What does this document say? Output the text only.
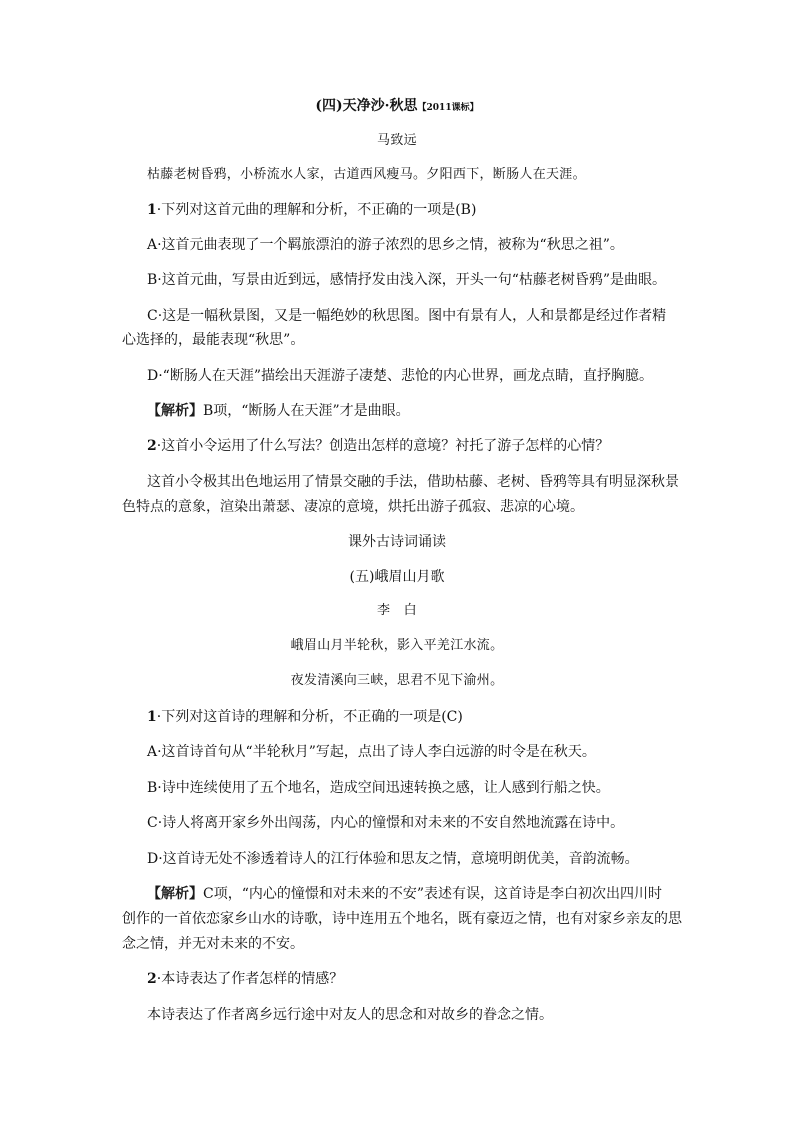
(四)天净沙·秋思【2011课标】
马致远
枯藤老树昏鸦，小桥流水人家，古道西风瘦马。夕阳西下，断肠人在天涯。
1·下列对这首元曲的理解和分析，不正确的一项是(B)
A·这首元曲表现了一个羁旅漂泊的游子浓烈的思乡之情，被称为“秋思之祖”。
B·这首元曲，写景由近到远，感情抒发由浅入深，开头一句“枯藤老树昏鸦”是曲眼。
C·这是一幅秋景图，又是一幅绝妙的秋思图。图中有景有人，人和景都是经过作者精
心选择的，最能表现“秋思”。
D·“断肠人在天涯”描绘出天涯游子凄楚、悲怆的内心世界，画龙点睛，直抒胸臆。
【解析】B项，“断肠人在天涯”才是曲眼。
2·这首小令运用了什么写法？创造出怎样的意境？衬托了游子怎样的心情？
这首小令极其出色地运用了情景交融的手法，借助枯藤、老树、昏鸦等具有明显深秋景
色特点的意象，渲染出萧瑟、凄凉的意境，烘托出游子孤寂、悲凉的心境。
课外古诗词诵读
(五)峨眉山月歌
李　白
峨眉山月半轮秋，影入平羌江水流。
夜发清溪向三峡，思君不见下渝州。
1·下列对这首诗的理解和分析，不正确的一项是(C)
A·这首诗首句从“半轮秋月”写起，点出了诗人李白远游的时令是在秋天。
B·诗中连续使用了五个地名，造成空间迅速转换之感，让人感到行船之快。
C·诗人将离开家乡外出闯荡，内心的憧憬和对未来的不安自然地流露在诗中。
D·这首诗无处不渗透着诗人的江行体验和思友之情，意境明朗优美，音韵流畅。
【解析】C项，“内心的憧憬和对未来的不安”表述有误，这首诗是李白初次出四川时
创作的一首依恋家乡山水的诗歌，诗中连用五个地名，既有豪迈之情，也有对家乡亲友的思
念之情，并无对未来的不安。
2·本诗表达了作者怎样的情感？
本诗表达了作者离乡远行途中对友人的思念和对故乡的眷念之情。
